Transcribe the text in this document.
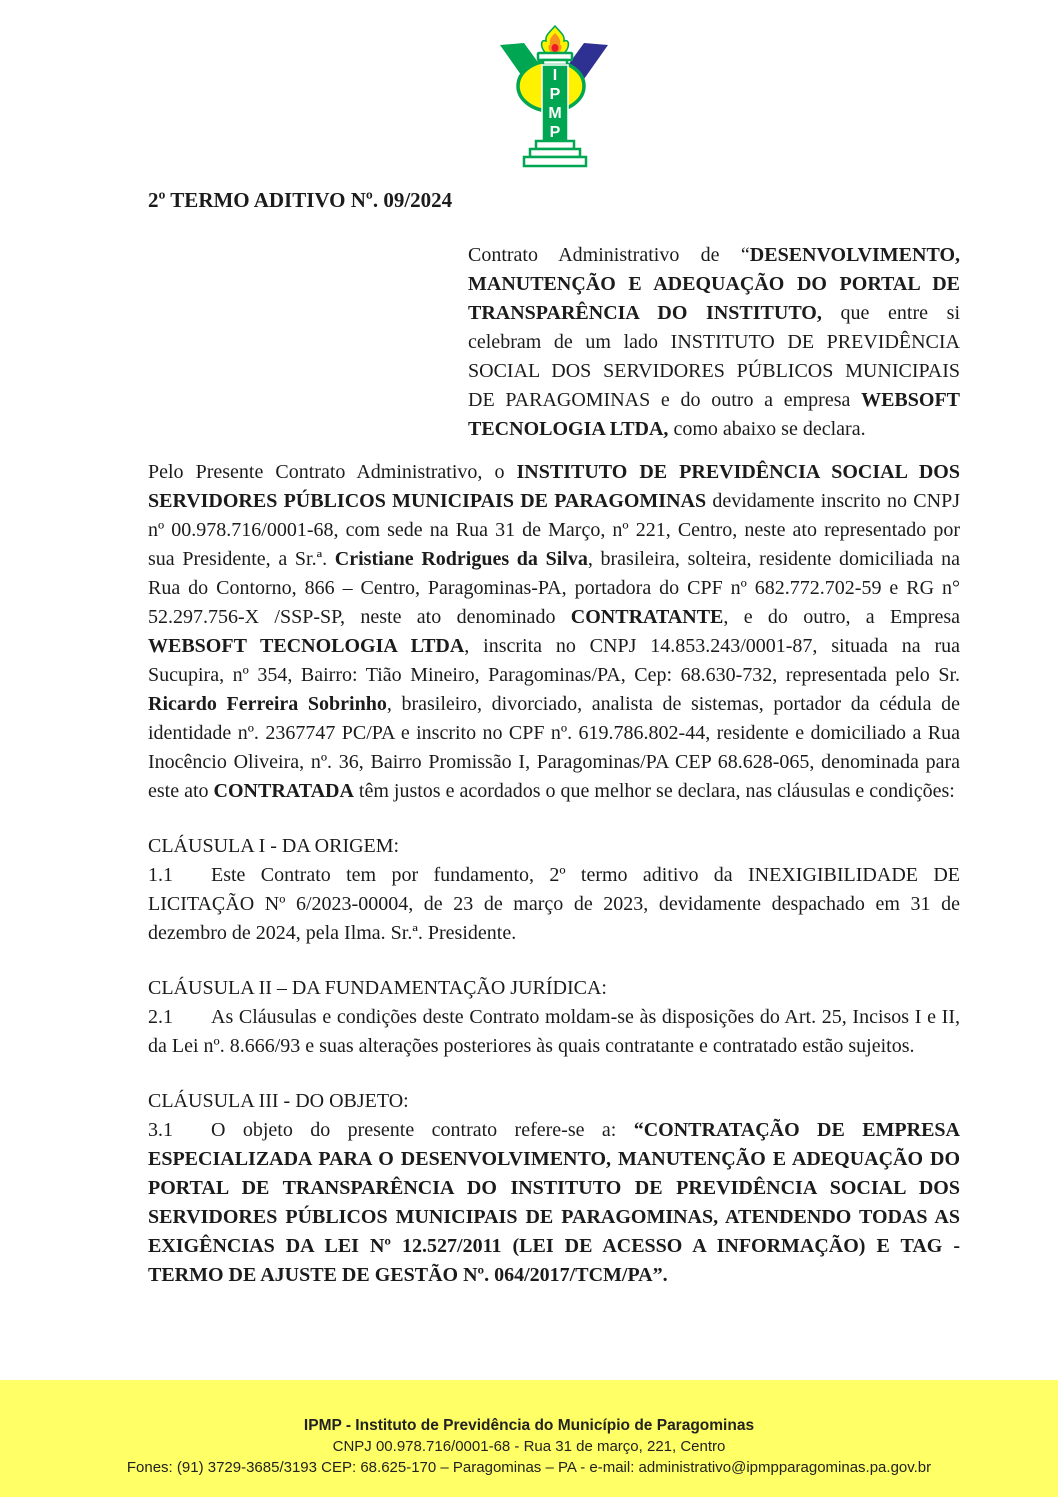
I
P
M
P
2º TERMO ADITIVO Nº. 09/2024

Contrato Administrativo de “DESENVOLVIMENTO, MANUTENÇÃO E ADEQUAÇÃO DO PORTAL DE TRANSPARÊNCIA DO INSTITUTO, que entre si celebram de um lado INSTITUTO DE PREVIDÊNCIA SOCIAL DOS SERVIDORES PÚBLICOS MUNICIPAIS DE PARAGOMINAS e do outro a empresa WEBSOFT TECNOLOGIA LTDA, como abaixo se declara.

Pelo Presente Contrato Administrativo, o INSTITUTO DE PREVIDÊNCIA SOCIAL DOS SERVIDORES PÚBLICOS MUNICIPAIS DE PARAGOMINAS devidamente inscrito no CNPJ nº 00.978.716/0001-68, com sede na Rua 31 de Março, nº 221, Centro, neste ato representado por sua Presidente, a Sr.ª. Cristiane Rodrigues da Silva, brasileira, solteira, residente domiciliada na Rua do Contorno, 866 – Centro, Paragominas-PA, portadora do CPF nº 682.772.702-59 e RG n° 52.297.756-X /SSP-SP, neste ato denominado CONTRATANTE, e do outro, a Empresa WEBSOFT TECNOLOGIA LTDA, inscrita no CNPJ 14.853.243/0001-87, situada na rua Sucupira, nº 354, Bairro: Tião Mineiro, Paragominas/PA, Cep: 68.630-732, representada pelo Sr. Ricardo Ferreira Sobrinho, brasileiro, divorciado, analista de sistemas, portador da cédula de identidade nº. 2367747 PC/PA e inscrito no CPF nº. 619.786.802-44, residente e domiciliado a Rua Inocêncio Oliveira, nº. 36, Bairro Promissão I, Paragominas/PA CEP 68.628-065, denominada para este ato CONTRATADA têm justos e acordados o que melhor se declara, nas cláusulas e condições:

CLÁUSULA I - DA ORIGEM:

1.1 Este Contrato tem por fundamento, 2º termo aditivo da INEXIGIBILIDADE DE LICITAÇÃO Nº 6/2023-00004, de 23 de março de 2023, devidamente despachado em 31 de dezembro de 2024, pela Ilma. Sr.ª. Presidente.

CLÁUSULA II – DA FUNDAMENTAÇÃO JURÍDICA:

2.1 As Cláusulas e condições deste Contrato moldam-se às disposições do Art. 25, Incisos I e II, da Lei nº. 8.666/93 e suas alterações posteriores às quais contratante e contratado estão sujeitos.

CLÁUSULA III - DO OBJETO:

3.1 O objeto do presente contrato refere-se a: “CONTRATAÇÃO DE EMPRESA ESPECIALIZADA PARA O DESENVOLVIMENTO, MANUTENÇÃO E ADEQUAÇÃO DO PORTAL DE TRANSPARÊNCIA DO INSTITUTO DE PREVIDÊNCIA SOCIAL DOS SERVIDORES PÚBLICOS MUNICIPAIS DE PARAGOMINAS, ATENDENDO TODAS AS EXIGÊNCIAS DA LEI Nº 12.527/2011 (LEI DE ACESSO A INFORMAÇÃO) E TAG - TERMO DE AJUSTE DE GESTÃO Nº. 064/2017/TCM/PA”.

IPMP - Instituto de Previdência do Município de Paragominas

CNPJ 00.978.716/0001-68 - Rua 31 de março, 221, Centro

Fones: (91) 3729-3685/3193 CEP: 68.625-170 – Paragominas – PA - e-mail: administrativo@ipmpparagominas.pa.gov.br
